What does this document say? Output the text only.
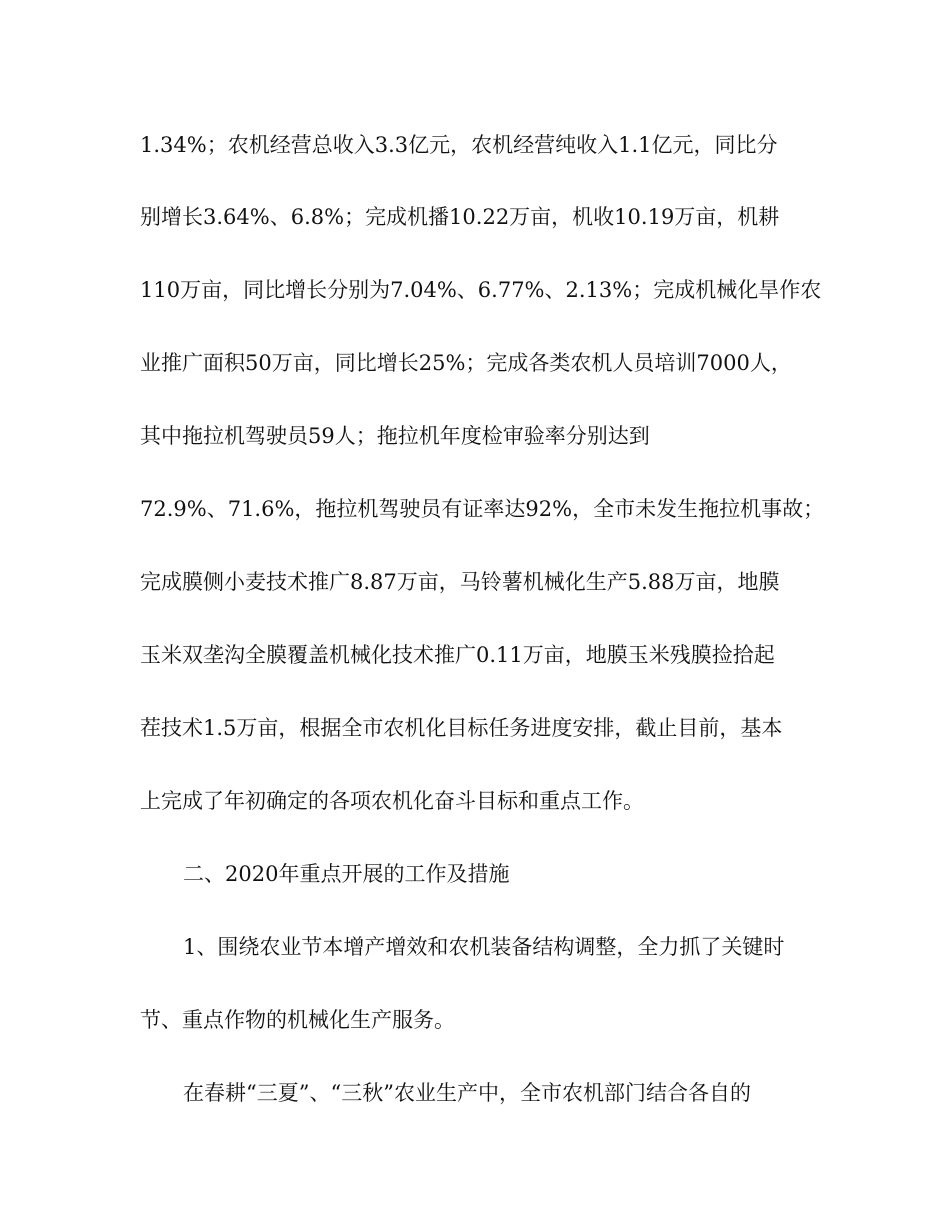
1.34%；农机经营总收入3.3亿元，农机经营纯收入1.1亿元，同比分
别增长3.64%、6.8%；完成机播10.22万亩，机收10.19万亩，机耕
110万亩，同比增长分别为7.04%、6.77%、2.13%；完成机械化旱作农
业推广面积50万亩，同比增长25%；完成各类农机人员培训7000人，
其中拖拉机驾驶员59人；拖拉机年度检审验率分别达到
72.9%、71.6%，拖拉机驾驶员有证率达92%，全市未发生拖拉机事故；
完成膜侧小麦技术推广8.87万亩，马铃薯机械化生产5.88万亩，地膜
玉米双垄沟全膜覆盖机械化技术推广0.11万亩，地膜玉米残膜捡拾起
茬技术1.5万亩，根据全市农机化目标任务进度安排，截止目前，基本
上完成了年初确定的各项农机化奋斗目标和重点工作。
二、2020年重点开展的工作及措施
1、围绕农业节本增产增效和农机装备结构调整，全力抓了关键时
节、重点作物的机械化生产服务。
在春耕“三夏”、“三秋”农业生产中，全市农机部门结合各自的
